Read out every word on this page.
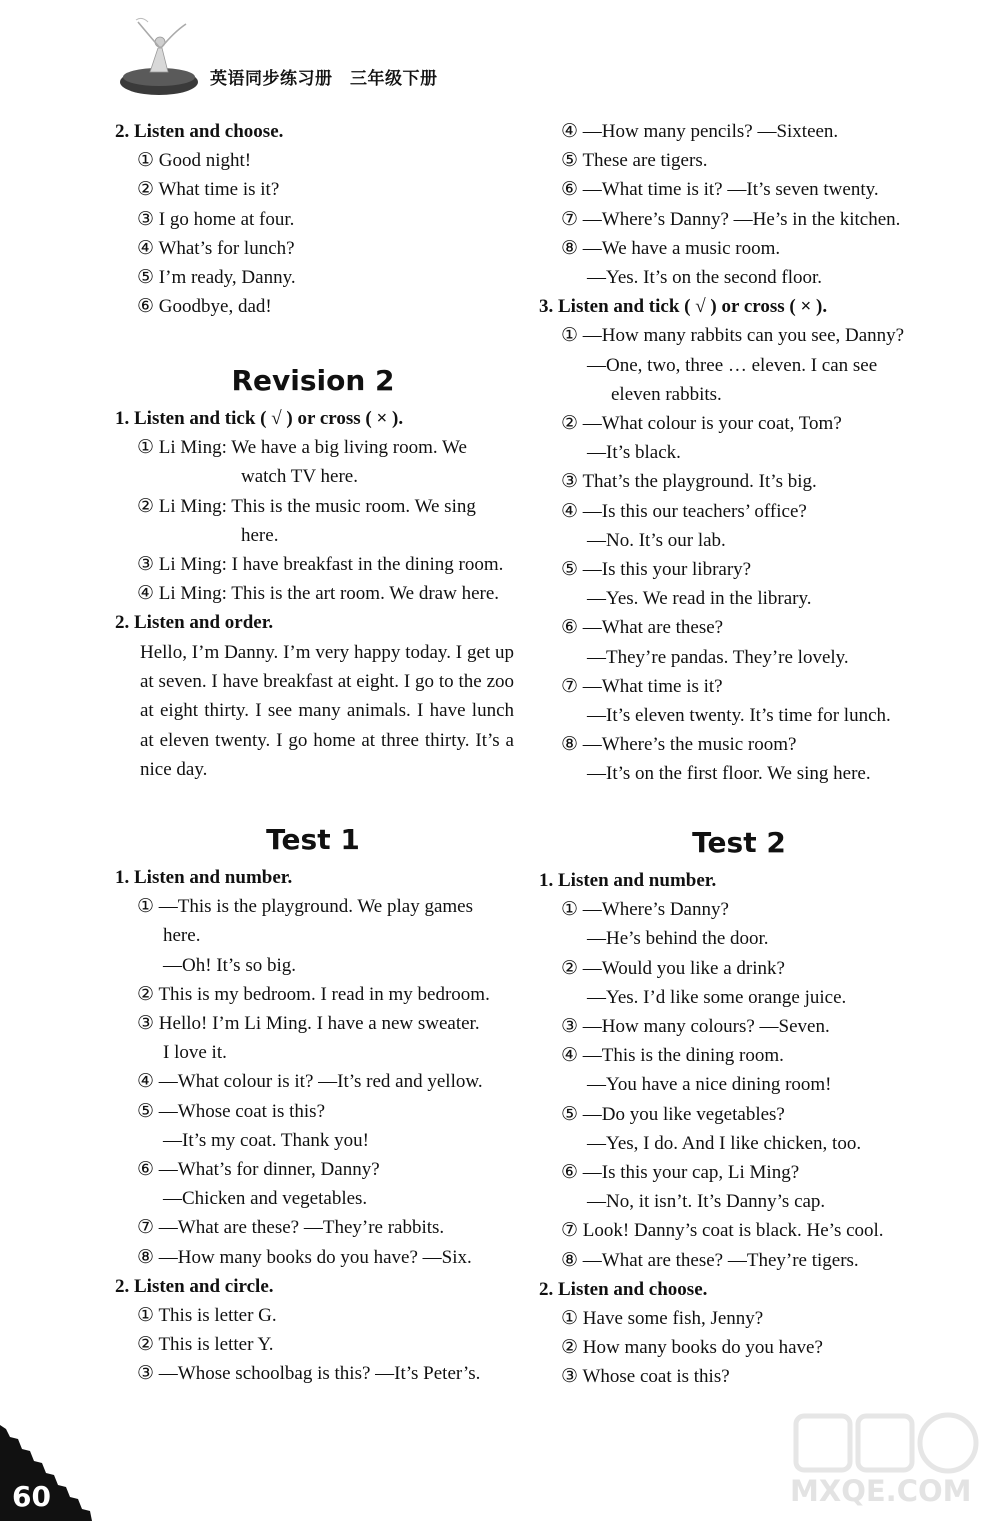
英语同步练习册　三年级下册
2. Listen and choose.
① Good night!
② What time is it?
③ I go home at four.
④ What’s for lunch?
⑤ I’m ready, Danny.
⑥ Goodbye, dad!
Revision 2
1. Listen and tick ( √ ) or cross ( × ).
① Li Ming: We have a big living room. We
watch TV here.
② Li Ming: This is the music room. We sing
here.
③ Li Ming: I have breakfast in the dining room.
④ Li Ming: This is the art room. We draw here.
2. Listen and order.
Hello, I’m Danny. I’m very happy today. I get up at seven. I have breakfast at eight. I go to the zoo at eight thirty. I see many animals. I have lunch at eleven twenty. I go home at three thirty. It’s a nice day.
④ —How many pencils? —Sixteen.
⑤ These are tigers.
⑥ —What time is it? —It’s seven twenty.
⑦ —Where’s Danny? —He’s in the kitchen.
⑧ —We have a music room.
—Yes. It’s on the second floor.
3. Listen and tick ( √ ) or cross ( × ).
① —How many rabbits can you see, Danny?
—One, two, three … eleven. I can see
eleven rabbits.
② —What colour is your coat, Tom?
—It’s black.
③ That’s the playground. It’s big.
④ —Is this our teachers’ office?
—No. It’s our lab.
⑤ —Is this your library?
—Yes. We read in the library.
⑥ —What are these?
—They’re pandas. They’re lovely.
⑦ —What time is it?
—It’s eleven twenty. It’s time for lunch.
⑧ —Where’s the music room?
—It’s on the first floor. We sing here.
Test 1
1. Listen and number.
① —This is the playground. We play games
here.
—Oh! It’s so big.
② This is my bedroom. I read in my bedroom.
③ Hello! I’m Li Ming. I have a new sweater.
I love it.
④ —What colour is it? —It’s red and yellow.
⑤ —Whose coat is this?
—It’s my coat. Thank you!
⑥ —What’s for dinner, Danny?
—Chicken and vegetables.
⑦ —What are these? —They’re rabbits.
⑧ —How many books do you have? —Six.
2. Listen and circle.
① This is letter G.
② This is letter Y.
③ —Whose schoolbag is this? —It’s Peter’s.
Test 2
1. Listen and number.
① —Where’s Danny?
—He’s behind the door.
② —Would you like a drink?
—Yes. I’d like some orange juice.
③ —How many colours? —Seven.
④ —This is the dining room.
—You have a nice dining room!
⑤ —Do you like vegetables?
—Yes, I do. And I like chicken, too.
⑥ —Is this your cap, Li Ming?
—No, it isn’t. It’s Danny’s cap.
⑦ Look! Danny’s coat is black. He’s cool.
⑧ —What are these? —They’re tigers.
2. Listen and choose.
① Have some fish, Jenny?
② How many books do you have?
③ Whose coat is this?
60	MXQE.COM
